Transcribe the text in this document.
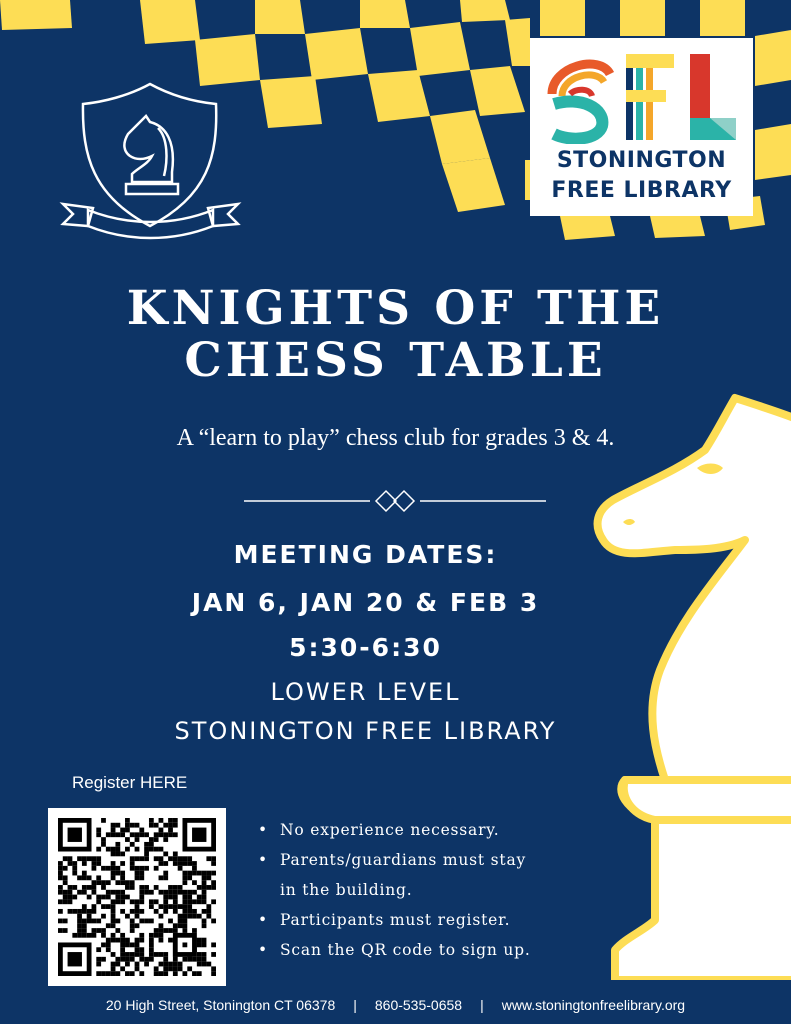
STONINGTON
FREE LIBRARY
KNIGHTS OF THE
CHESS TABLE
A “learn to play” chess club for grades 3 & 4.
MEETING DATES:
JAN 6, JAN 20 & FEB 3
5:30-6:30
LOWER LEVEL
STONINGTON FREE LIBRARY
Register HERE
• No experience necessary.
• Parents/guardians must stay
in the building.
• Participants must register.
• Scan the QR code to sign up.
20 High Street, Stonington CT 06378 | 860-535-0658 | www.stoningtonfreelibrary.org
